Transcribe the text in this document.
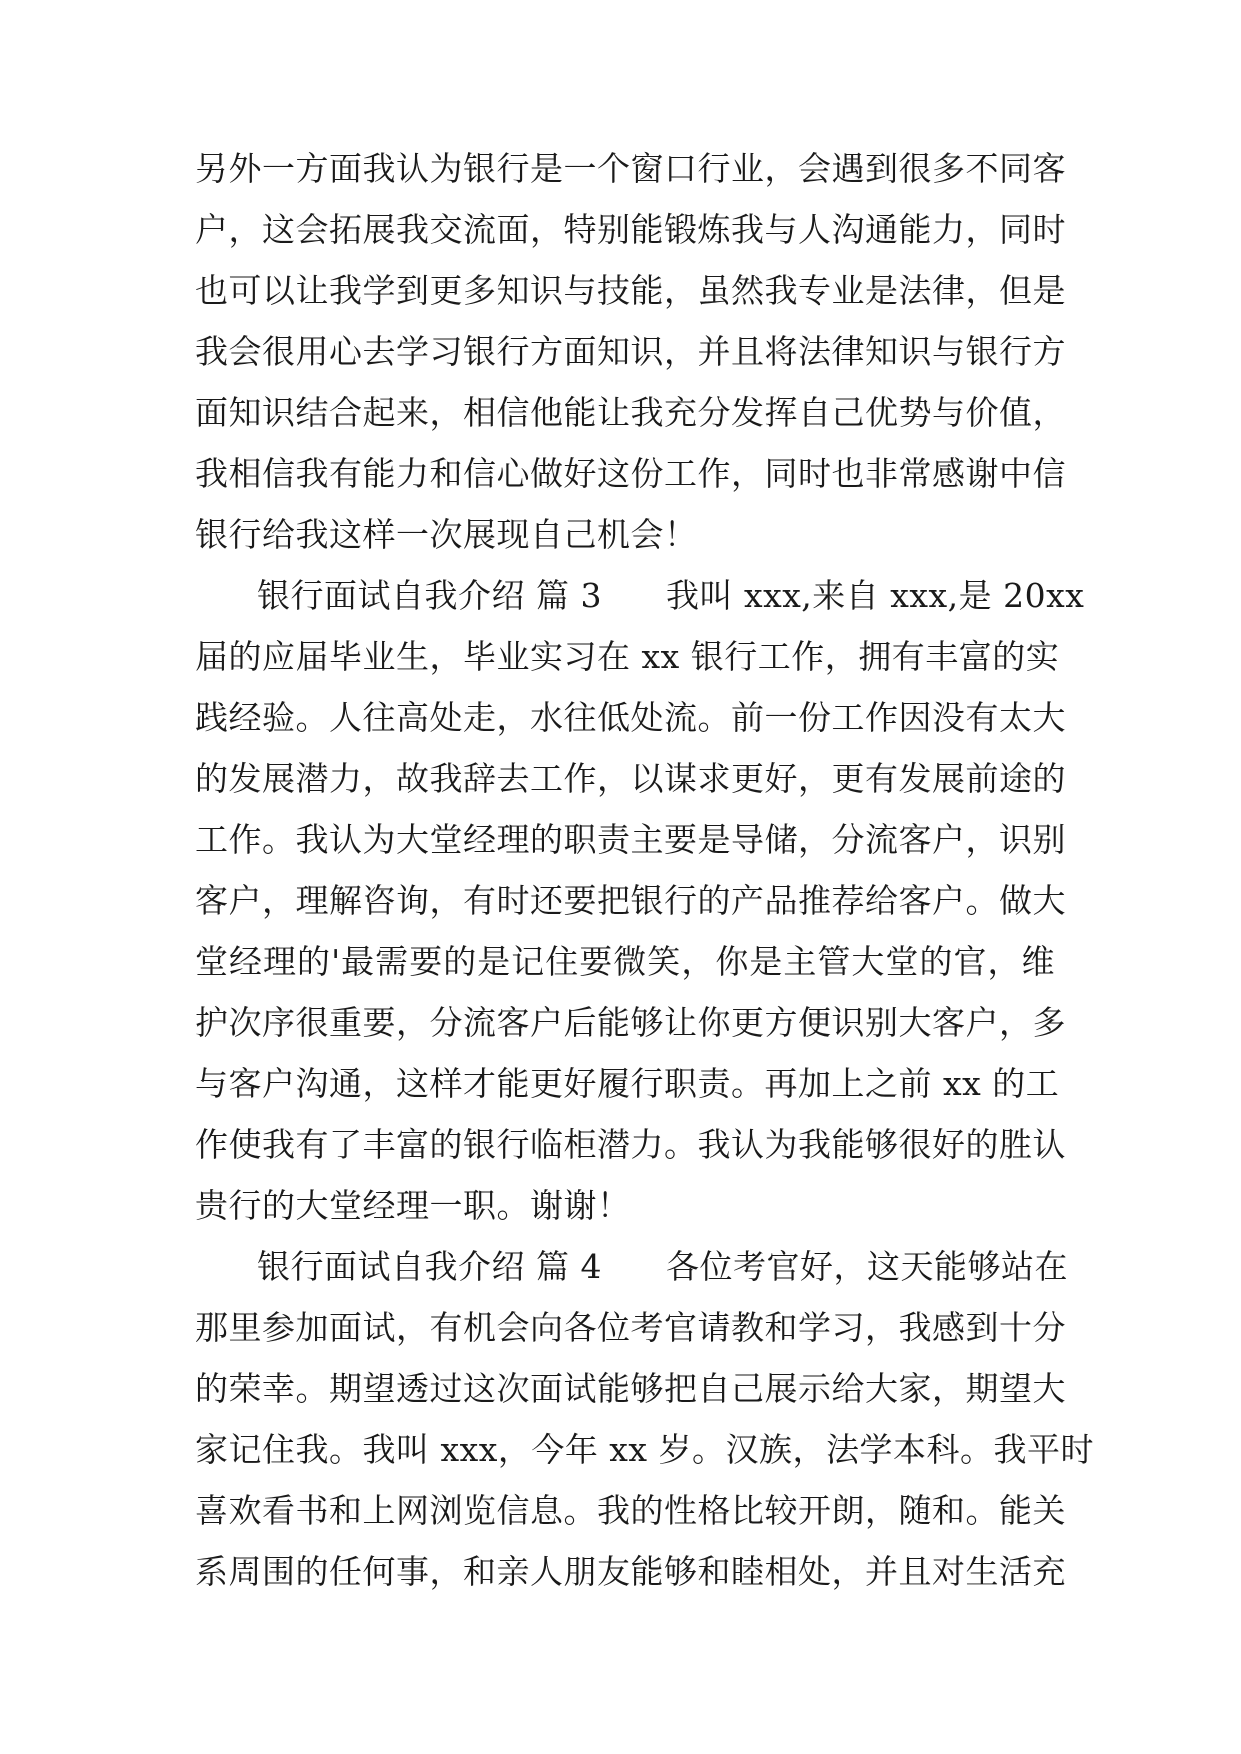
另外一方面我认为银行是一个窗口行业，会遇到很多不同客
户，这会拓展我交流面，特别能锻炼我与人沟通能力，同时
也可以让我学到更多知识与技能，虽然我专业是法律，但是
我会很用心去学习银行方面知识，并且将法律知识与银行方
面知识结合起来，相信他能让我充分发挥自己优势与价值，
我相信我有能力和信心做好这份工作，同时也非常感谢中信
银行给我这样一次展现自己机会！
银行面试自我介绍 篇 3 我叫 xxx,来自 xxx,是 20xx
届的应届毕业生，毕业实习在 xx 银行工作，拥有丰富的实
践经验。人往高处走，水往低处流。前一份工作因没有太大
的发展潜力，故我辞去工作，以谋求更好，更有发展前途的
工作。我认为大堂经理的职责主要是导储，分流客户，识别
客户，理解咨询，有时还要把银行的产品推荐给客户。做大
堂经理的'最需要的是记住要微笑，你是主管大堂的官，维
护次序很重要，分流客户后能够让你更方便识别大客户，多
与客户沟通，这样才能更好履行职责。再加上之前 xx 的工
作使我有了丰富的银行临柜潜力。我认为我能够很好的胜认
贵行的大堂经理一职。谢谢！
银行面试自我介绍 篇 4 各位考官好，这天能够站在
那里参加面试，有机会向各位考官请教和学习，我感到十分
的荣幸。期望透过这次面试能够把自己展示给大家，期望大
家记住我。我叫 xxx，今年 xx 岁。汉族，法学本科。我平时
喜欢看书和上网浏览信息。我的性格比较开朗，随和。能关
系周围的任何事，和亲人朋友能够和睦相处，并且对生活充
